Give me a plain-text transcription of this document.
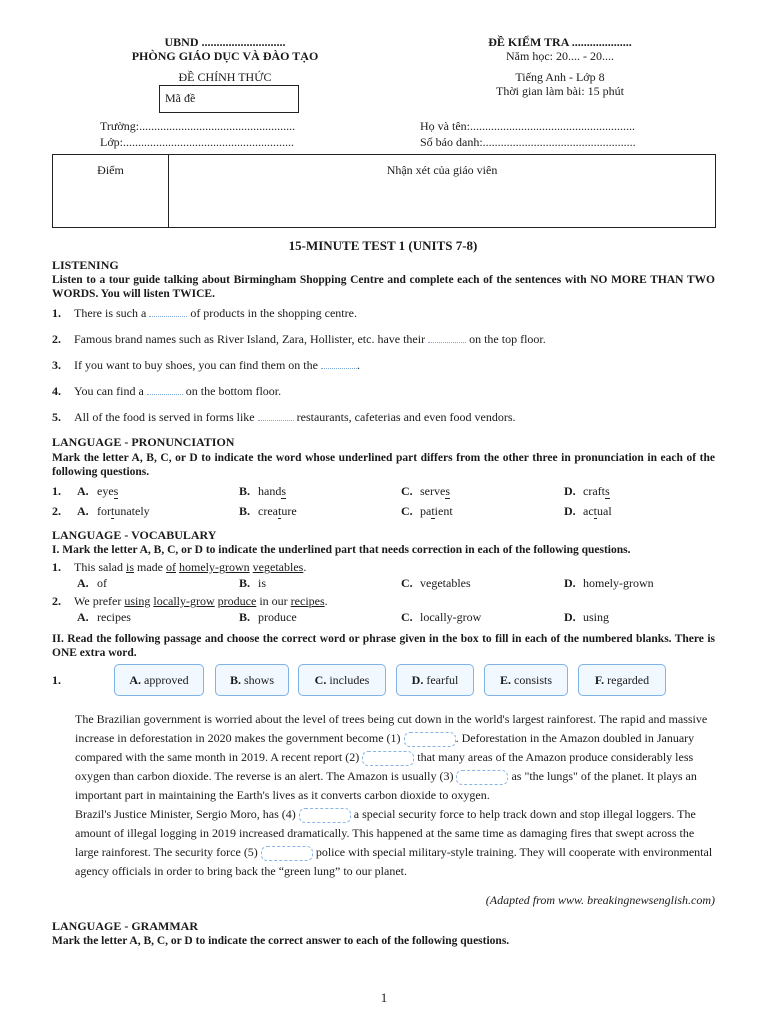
UBND ............................
PHÒNG GIÁO DỤC VÀ ĐÀO TẠO
ĐỀ CHÍNH THỨC
Mã đề
ĐỀ KIỂM TRA ....................
Năm học: 20.... - 20....
Tiếng Anh - Lớp 8
Thời gian làm bài: 15 phút
Trường:....................................................
Lớp:.........................................................
Họ và tên:.......................................................
Số báo danh:...................................................
Điểm	Nhận xét của giáo viên
15-MINUTE TEST 1 (UNITS 7-8)
LISTENING
Listen to a tour guide talking about Birmingham Shopping Centre and complete each of the sentences with NO MORE THAN TWO WORDS. You will listen TWICE.
1. There is such a	of products in the shopping centre.
2. Famous brand names such as River Island, Zara, Hollister, etc. have their	on the top floor.
3. If you want to buy shoes, you can find them on the	.
4. You can find a	on the bottom floor.
5. All of the food is served in forms like	restaurants, cafeterias and even food vendors.
LANGUAGE - PRONUNCIATION
Mark the letter A, B, C, or D to indicate the word whose underlined part differs from the other three in pronunciation in each of the following questions.
1. A. eyes	B. hands	C. serves	D. crafts
2. A. fortunately	B. creature	C. patient	D. actual
LANGUAGE - VOCABULARY
I. Mark the letter A, B, C, or D to indicate the underlined part that needs correction in each of the following questions.
1. This salad is made of homely-grown vegetables.
A. of	B. is	C. vegetables	D. homely-grown
2. We prefer using locally-grow produce in our recipes.
A. recipes	B. produce	C. locally-grow	D. using
II. Read the following passage and choose the correct word or phrase given in the box to fill in each of the numbered blanks. There is ONE extra word.
1.	A.
approved	B.
shows	C.
includes	D.
fearful	E.
consists	F.
regarded
The Brazilian government is worried about the level of trees being cut down in the world's largest rainforest. The rapid and massive increase in deforestation in 2020 makes the government become (1)	. Deforestation in the Amazon doubled in January compared with the same month in 2019. A recent report (2)	that many areas of the Amazon produce considerably less oxygen than carbon dioxide. The reverse is an alert. The Amazon is usually (3)	as "the lungs" of the planet. It plays an important part in maintaining the Earth's lives as it converts carbon dioxide to oxygen.
Brazil's Justice Minister, Sergio Moro, has (4)	a special security force to help track down and stop illegal loggers. The amount of illegal logging in 2019 increased dramatically. This happened at the same time as damaging fires that swept across the large rainforest. The security force (5)	police with special military-style training. They will cooperate with environmental agency officials in order to bring back the “green lung” to our planet.
(Adapted from www. breakingnewsenglish.com)
LANGUAGE - GRAMMAR
Mark the letter A, B, C, or D to indicate the correct answer to each of the following questions.
1
